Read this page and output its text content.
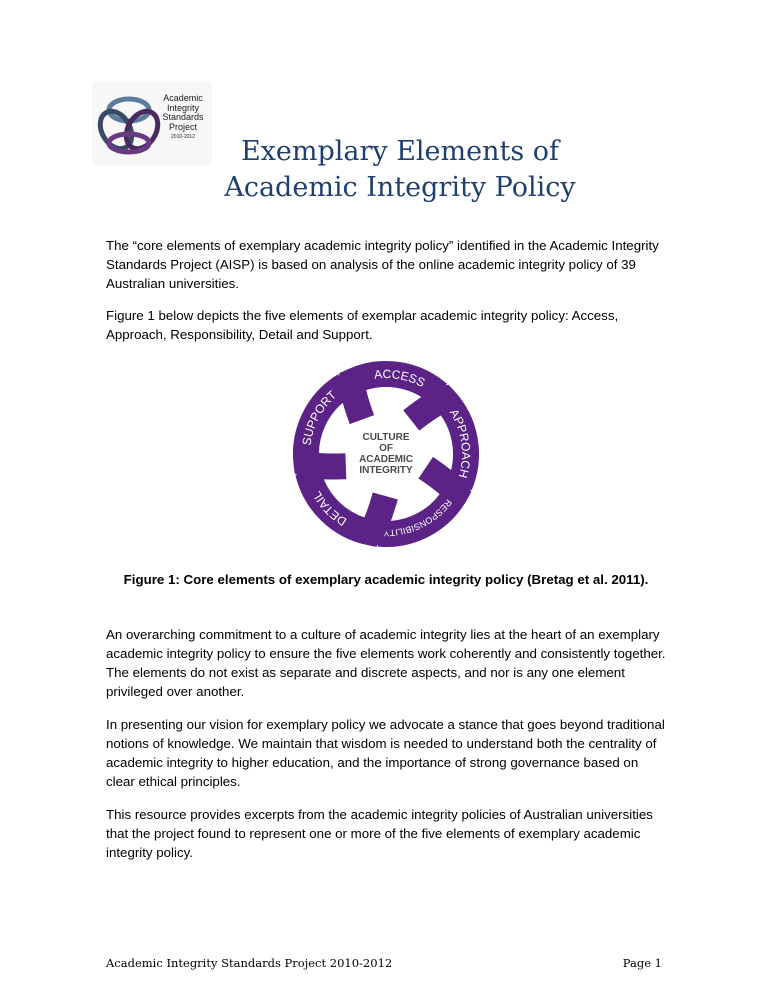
Academic
Integrity
Standards
Project
2010-2012	Exemplary Elements of
Academic Integrity Policy
The “core elements of exemplary academic integrity policy” identified in the Academic Integrity Standards Project (AISP) is based on analysis of the online academic integrity policy of 39 Australian universities.
Figure 1 below depicts the five elements of exemplar academic integrity policy: Access, Approach, Responsibility, Detail and Support.
ACCESS
APPROACH
RESPONSIBILITY
DETAIL
SUPPORT
CULTURE
OF
ACADEMIC
INTEGRITY
Figure 1: Core elements of exemplary academic integrity policy (Bretag et al. 2011).
An overarching commitment to a culture of academic integrity lies at the heart of an exemplary academic integrity policy to ensure the five elements work coherently and consistently together. The elements do not exist as separate and discrete aspects, and nor is any one element privileged over another.
In presenting our vision for exemplary policy we advocate a stance that goes beyond traditional notions of knowledge. We maintain that wisdom is needed to understand both the centrality of academic integrity to higher education, and the importance of strong governance based on clear ethical principles.
This resource provides excerpts from the academic integrity policies of Australian universities that the project found to represent one or more of the five elements of exemplary academic integrity policy.
Academic Integrity Standards Project 2010-2012	Page 1
